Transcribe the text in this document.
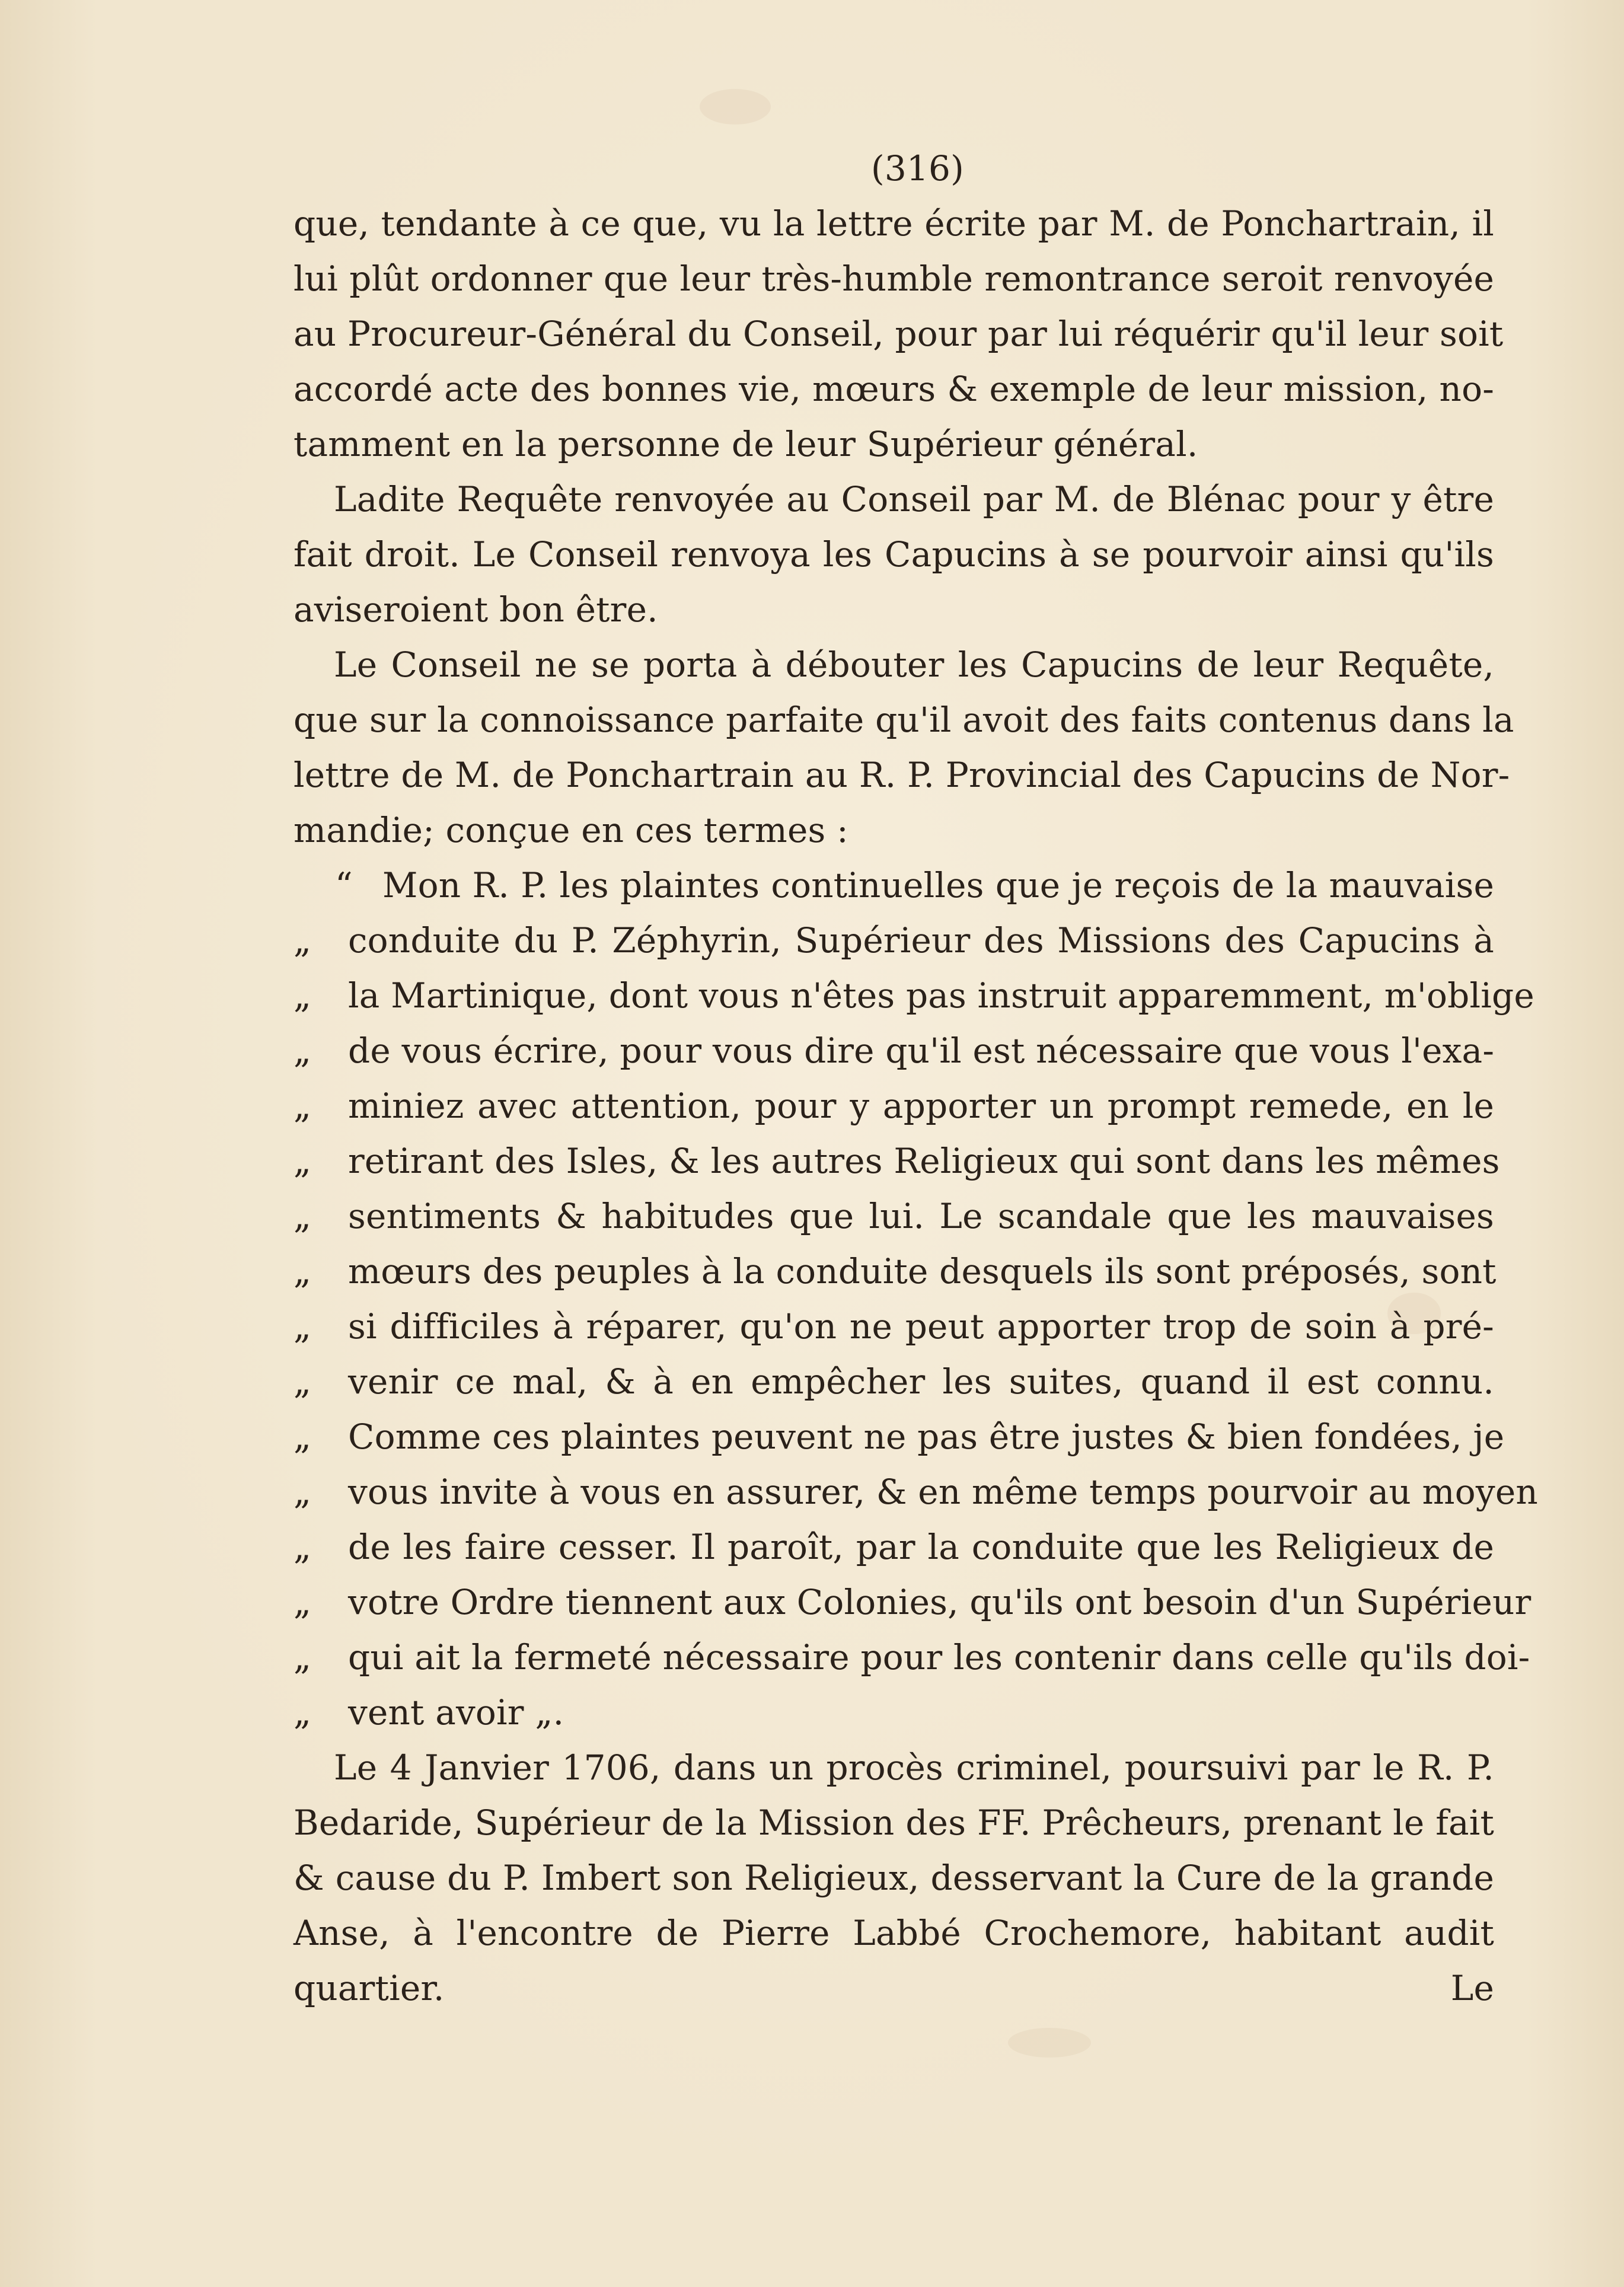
(316)
que, tendante à ce que, vu la lettre écrite par M. de Ponchartrain, il
lui plût ordonner que leur très-humble remontrance seroit renvoyée
au Procureur-Général du Conseil, pour par lui réquérir qu'il leur soit
accordé acte des bonnes vie, mœurs & exemple de leur mission, no-
tamment en la personne de leur Supérieur général.
Ladite Requête renvoyée au Conseil par M. de Blénac pour y être
fait droit. Le Conseil renvoya les Capucins à se pourvoir ainsi qu'ils
aviseroient bon être.
Le Conseil ne se porta à débouter les Capucins de leur Requête,
que sur la connoissance parfaite qu'il avoit des faits contenus dans la
lettre de M. de Ponchartrain au R. P. Provincial des Capucins de Nor-
mandie; conçue en ces termes :
“ Mon R. P. les plaintes continuelles que je reçois de la mauvaise
„	conduite du P. Zéphyrin, Supérieur des Missions des Capucins à
„	la Martinique, dont vous n'êtes pas instruit apparemment, m'oblige
„	de vous écrire, pour vous dire qu'il est nécessaire que vous l'exa-
„	miniez avec attention, pour y apporter un prompt remede, en le
„	retirant des Isles, & les autres Religieux qui sont dans les mêmes
„	sentiments & habitudes que lui. Le scandale que les mauvaises
„	mœurs des peuples à la conduite desquels ils sont préposés, sont
„	si difficiles à réparer, qu'on ne peut apporter trop de soin à pré-
„	venir ce mal, & à en empêcher les suites, quand il est connu.
„	Comme ces plaintes peuvent ne pas être justes & bien fondées, je
„	vous invite à vous en assurer, & en même temps pourvoir au moyen
„	de les faire cesser. Il paroît, par la conduite que les Religieux de
„	votre Ordre tiennent aux Colonies, qu'ils ont besoin d'un Supérieur
„	qui ait la fermeté nécessaire pour les contenir dans celle qu'ils doi-
„	vent avoir „.
Le 4 Janvier 1706, dans un procès criminel, poursuivi par le R. P.
Bedaride, Supérieur de la Mission des FF. Prêcheurs, prenant le fait
& cause du P. Imbert son Religieux, desservant la Cure de la grande
Anse, à l'encontre de Pierre Labbé Crochemore, habitant audit
quartier.	Le
